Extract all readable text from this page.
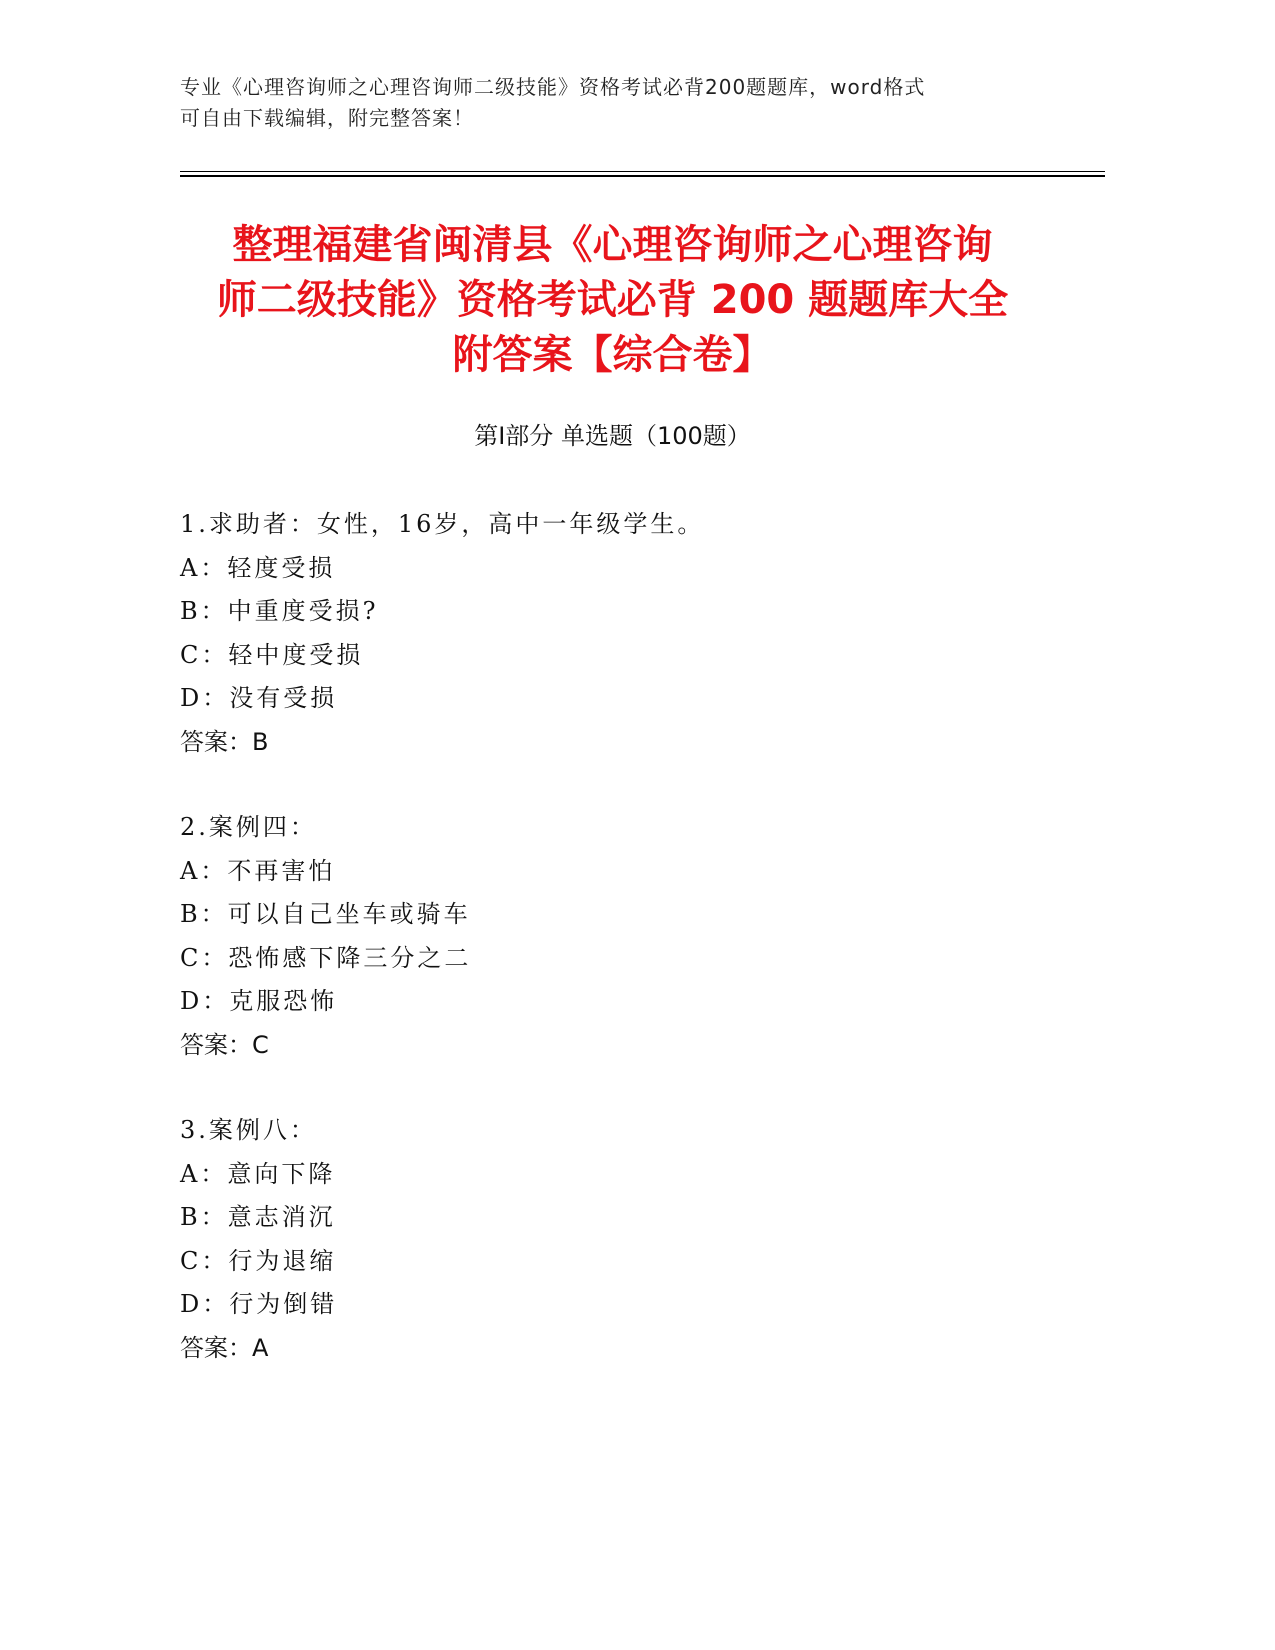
专业《心理咨询师之心理咨询师二级技能》资格考试必背200题题库，word格式
可自由下载编辑，附完整答案！
整理福建省闽清县《心理咨询师之心理咨询
师二级技能》资格考试必背 200 题题库大全
附答案【综合卷】
第Ⅰ部分 单选题（100题）
1.求助者：女性，16岁，高中一年级学生。
A：轻度受损
B：中重度受损?
C：轻中度受损
D：没有受损
答案：B
2.案例四：
A：不再害怕
B：可以自己坐车或骑车
C：恐怖感下降三分之二
D：克服恐怖
答案：C
3.案例八：
A：意向下降
B：意志消沉
C：行为退缩
D：行为倒错
答案：A
